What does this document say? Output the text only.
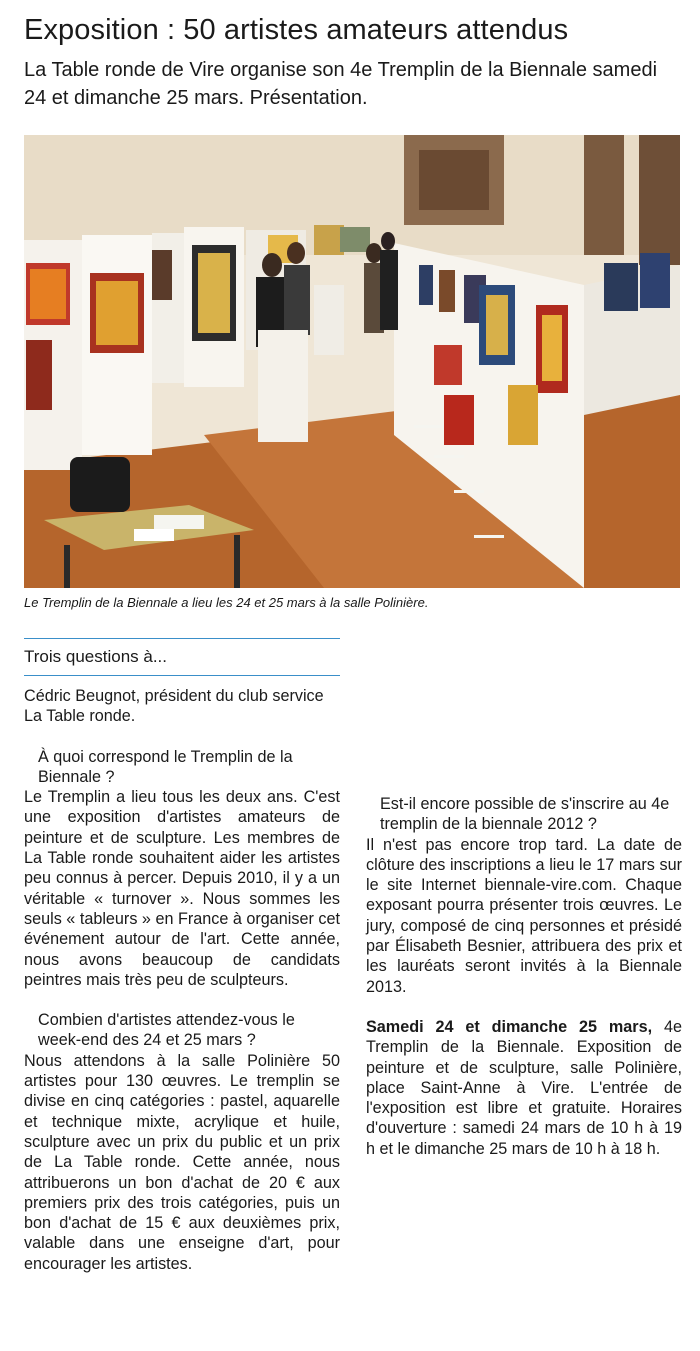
Exposition : 50 artistes amateurs attendus
La Table ronde de Vire organise son 4e Tremplin de la Biennale samedi 24 et dimanche 25 mars. Présentation.
Le Tremplin de la Biennale a lieu les 24 et 25 mars à la salle Polinière.
Trois questions à...

Cédric Beugnot, président du club service La Table ronde.

À quoi correspond le Tremplin de la Biennale ?

Le Tremplin a lieu tous les deux ans. C'est une exposition d'artistes amateurs de peinture et de sculpture. Les membres de La Table ronde souhaitent aider les artistes peu connus à percer. Depuis 2010, il y a un véritable « turnover ». Nous sommes les seuls « tableurs » en France à organiser cet événement autour de l'art. Cette année, nous avons beaucoup de candidats peintres mais très peu de sculpteurs.

Combien d'artistes attendez-vous le week-end des 24 et 25 mars ?

Nous attendons à la salle Polinière 50 artistes pour 130 œuvres. Le tremplin se divise en cinq catégories : pastel, aquarelle et technique mixte, acrylique et huile, sculpture avec un prix du public et un prix de La Table ronde. Cette année, nous attribuerons un bon d'achat de 20 € aux premiers prix des trois catégories, puis un bon d'achat de 15 € aux deuxièmes prix, valable dans une enseigne d'art, pour encourager les artistes.

Est-il encore possible de s'inscrire au 4e tremplin de la biennale 2012 ?

Il n'est pas encore trop tard. La date de clôture des inscriptions a lieu le 17 mars sur le site Internet biennale-vire.com. Chaque exposant pourra présenter trois œuvres. Le jury, composé de cinq personnes et présidé par Élisabeth Besnier, attribuera des prix et les lauréats seront invités à la Biennale 2013.

Samedi 24 et dimanche 25 mars, 4e Tremplin de la Biennale. Exposition de peinture et de sculpture, salle Polinière, place Saint-Anne à Vire. L'entrée de l'exposition est libre et gratuite. Horaires d'ouverture : samedi 24 mars de 10 h à 19 h et le dimanche 25 mars de 10 h à 18 h.
